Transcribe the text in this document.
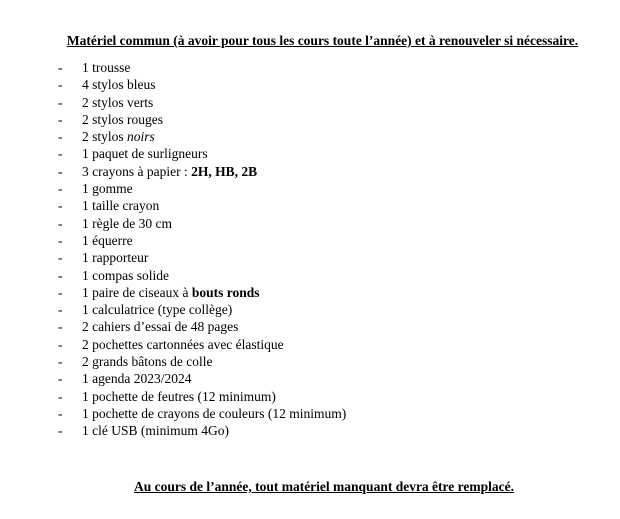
Matériel commun (à avoir pour tous les cours toute l’année) et à renouveler si nécessaire.
- 1 trousse
- 4 stylos bleus
- 2 stylos verts
- 2 stylos rouges
- 2 stylos noirs
- 1 paquet de surligneurs
- 3 crayons à papier : 2H, HB, 2B
- 1 gomme
- 1 taille crayon
- 1 règle de 30 cm
- 1 équerre
- 1 rapporteur
- 1 compas solide
- 1 paire de ciseaux à bouts ronds
- 1 calculatrice (type collège)
- 2 cahiers d’essai de 48 pages
- 2 pochettes cartonnées avec élastique
- 2 grands bâtons de colle
- 1 agenda 2023/2024
- 1 pochette de feutres (12 minimum)
- 1 pochette de crayons de couleurs (12 minimum)
- 1 clé USB (minimum 4Go)
Au cours de l’année, tout matériel manquant devra être remplacé.
